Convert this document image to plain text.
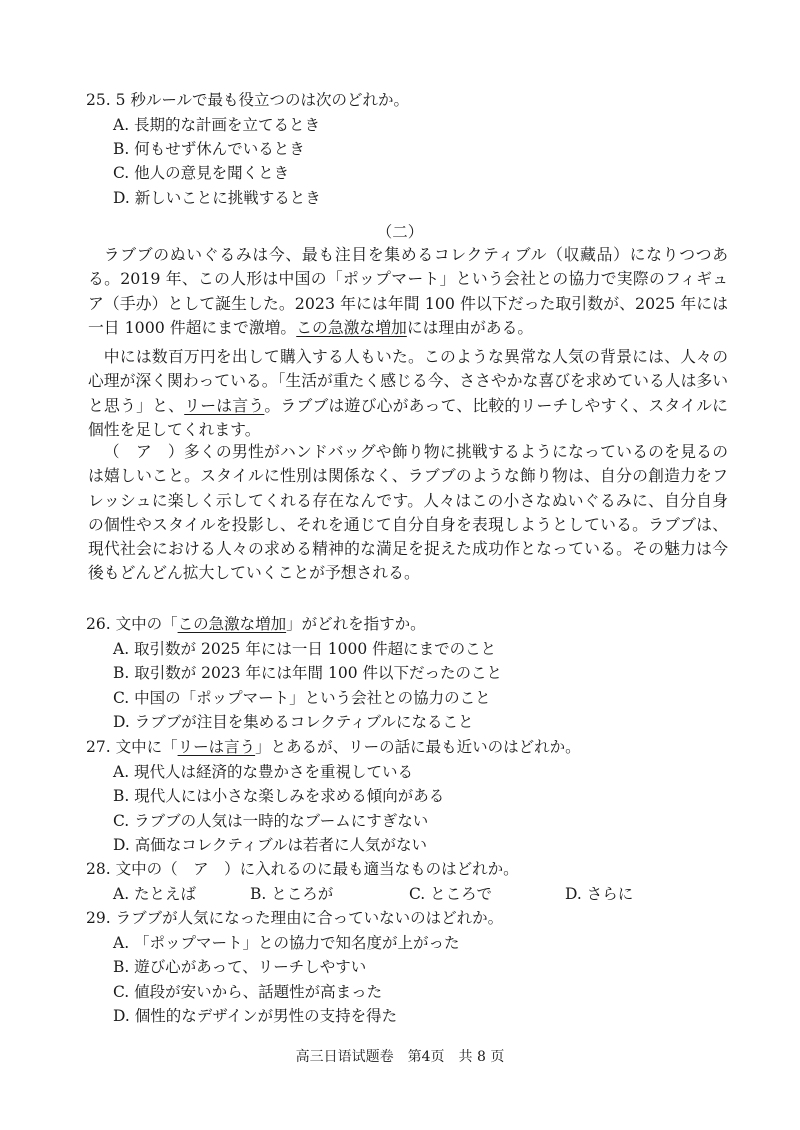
25. 5 秒ルールで最も役立つのは次のどれか。
A. 長期的な計画を立てるとき
B. 何もせず休んでいるとき
C. 他人の意見を聞くとき
D. 新しいことに挑戦するとき
（二）
ラブブのぬいぐるみは今、最も注目を集めるコレクティブル（収藏品）になりつつある。2019 年、この人形は中国の「ポップマート」という会社との協力で実際のフィギュア（手办）として誕生した。2023 年には年間 100 件以下だった取引数が、2025 年には一日 1000 件超にまで激増。この急激な増加には理由がある。
中には数百万円を出して購入する人もいた。このような異常な人気の背景には、人々の心理が深く関わっている。「生活が重たく感じる今、ささやかな喜びを求めている人は多いと思う」と、リーは言う。ラブブは遊び心があって、比較的リーチしやすく、スタイルに個性を足してくれます。
（　ア　）多くの男性がハンドバッグや飾り物に挑戦するようになっているのを見るのは嬉しいこと。スタイルに性別は関係なく、ラブブのような飾り物は、自分の創造力をフレッシュに楽しく示してくれる存在なんです。人々はこの小さなぬいぐるみに、自分自身の個性やスタイルを投影し、それを通じて自分自身を表現しようとしている。ラブブは、現代社会における人々の求める精神的な満足を捉えた成功作となっている。その魅力は今後もどんどん拡大していくことが予想される。
26. 文中の「この急激な増加」がどれを指すか。
A. 取引数が 2025 年には一日 1000 件超にまでのこと
B. 取引数が 2023 年には年間 100 件以下だったのこと
C. 中国の「ポップマート」という会社との協力のこと
D. ラブブが注目を集めるコレクティブルになること
27. 文中に「リーは言う」とあるが、リーの話に最も近いのはどれか。
A. 現代人は経済的な豊かさを重視している
B. 現代人には小さな楽しみを求める傾向がある
C. ラブブの人気は一時的なブームにすぎない
D. 高価なコレクティブルは若者に人気がない
28. 文中の（　ア　）に入れるのに最も適当なものはどれか。
A. たとえば	B. ところが	C. ところで	D. さらに
29. ラブブが人気になった理由に合っていないのはどれか。
A. 「ポップマート」との協力で知名度が上がった
B. 遊び心があって、リーチしやすい
C. 値段が安いから、話題性が高まった
D. 個性的なデザインが男性の支持を得た
高三日语试题卷　第4页　共 8 页
